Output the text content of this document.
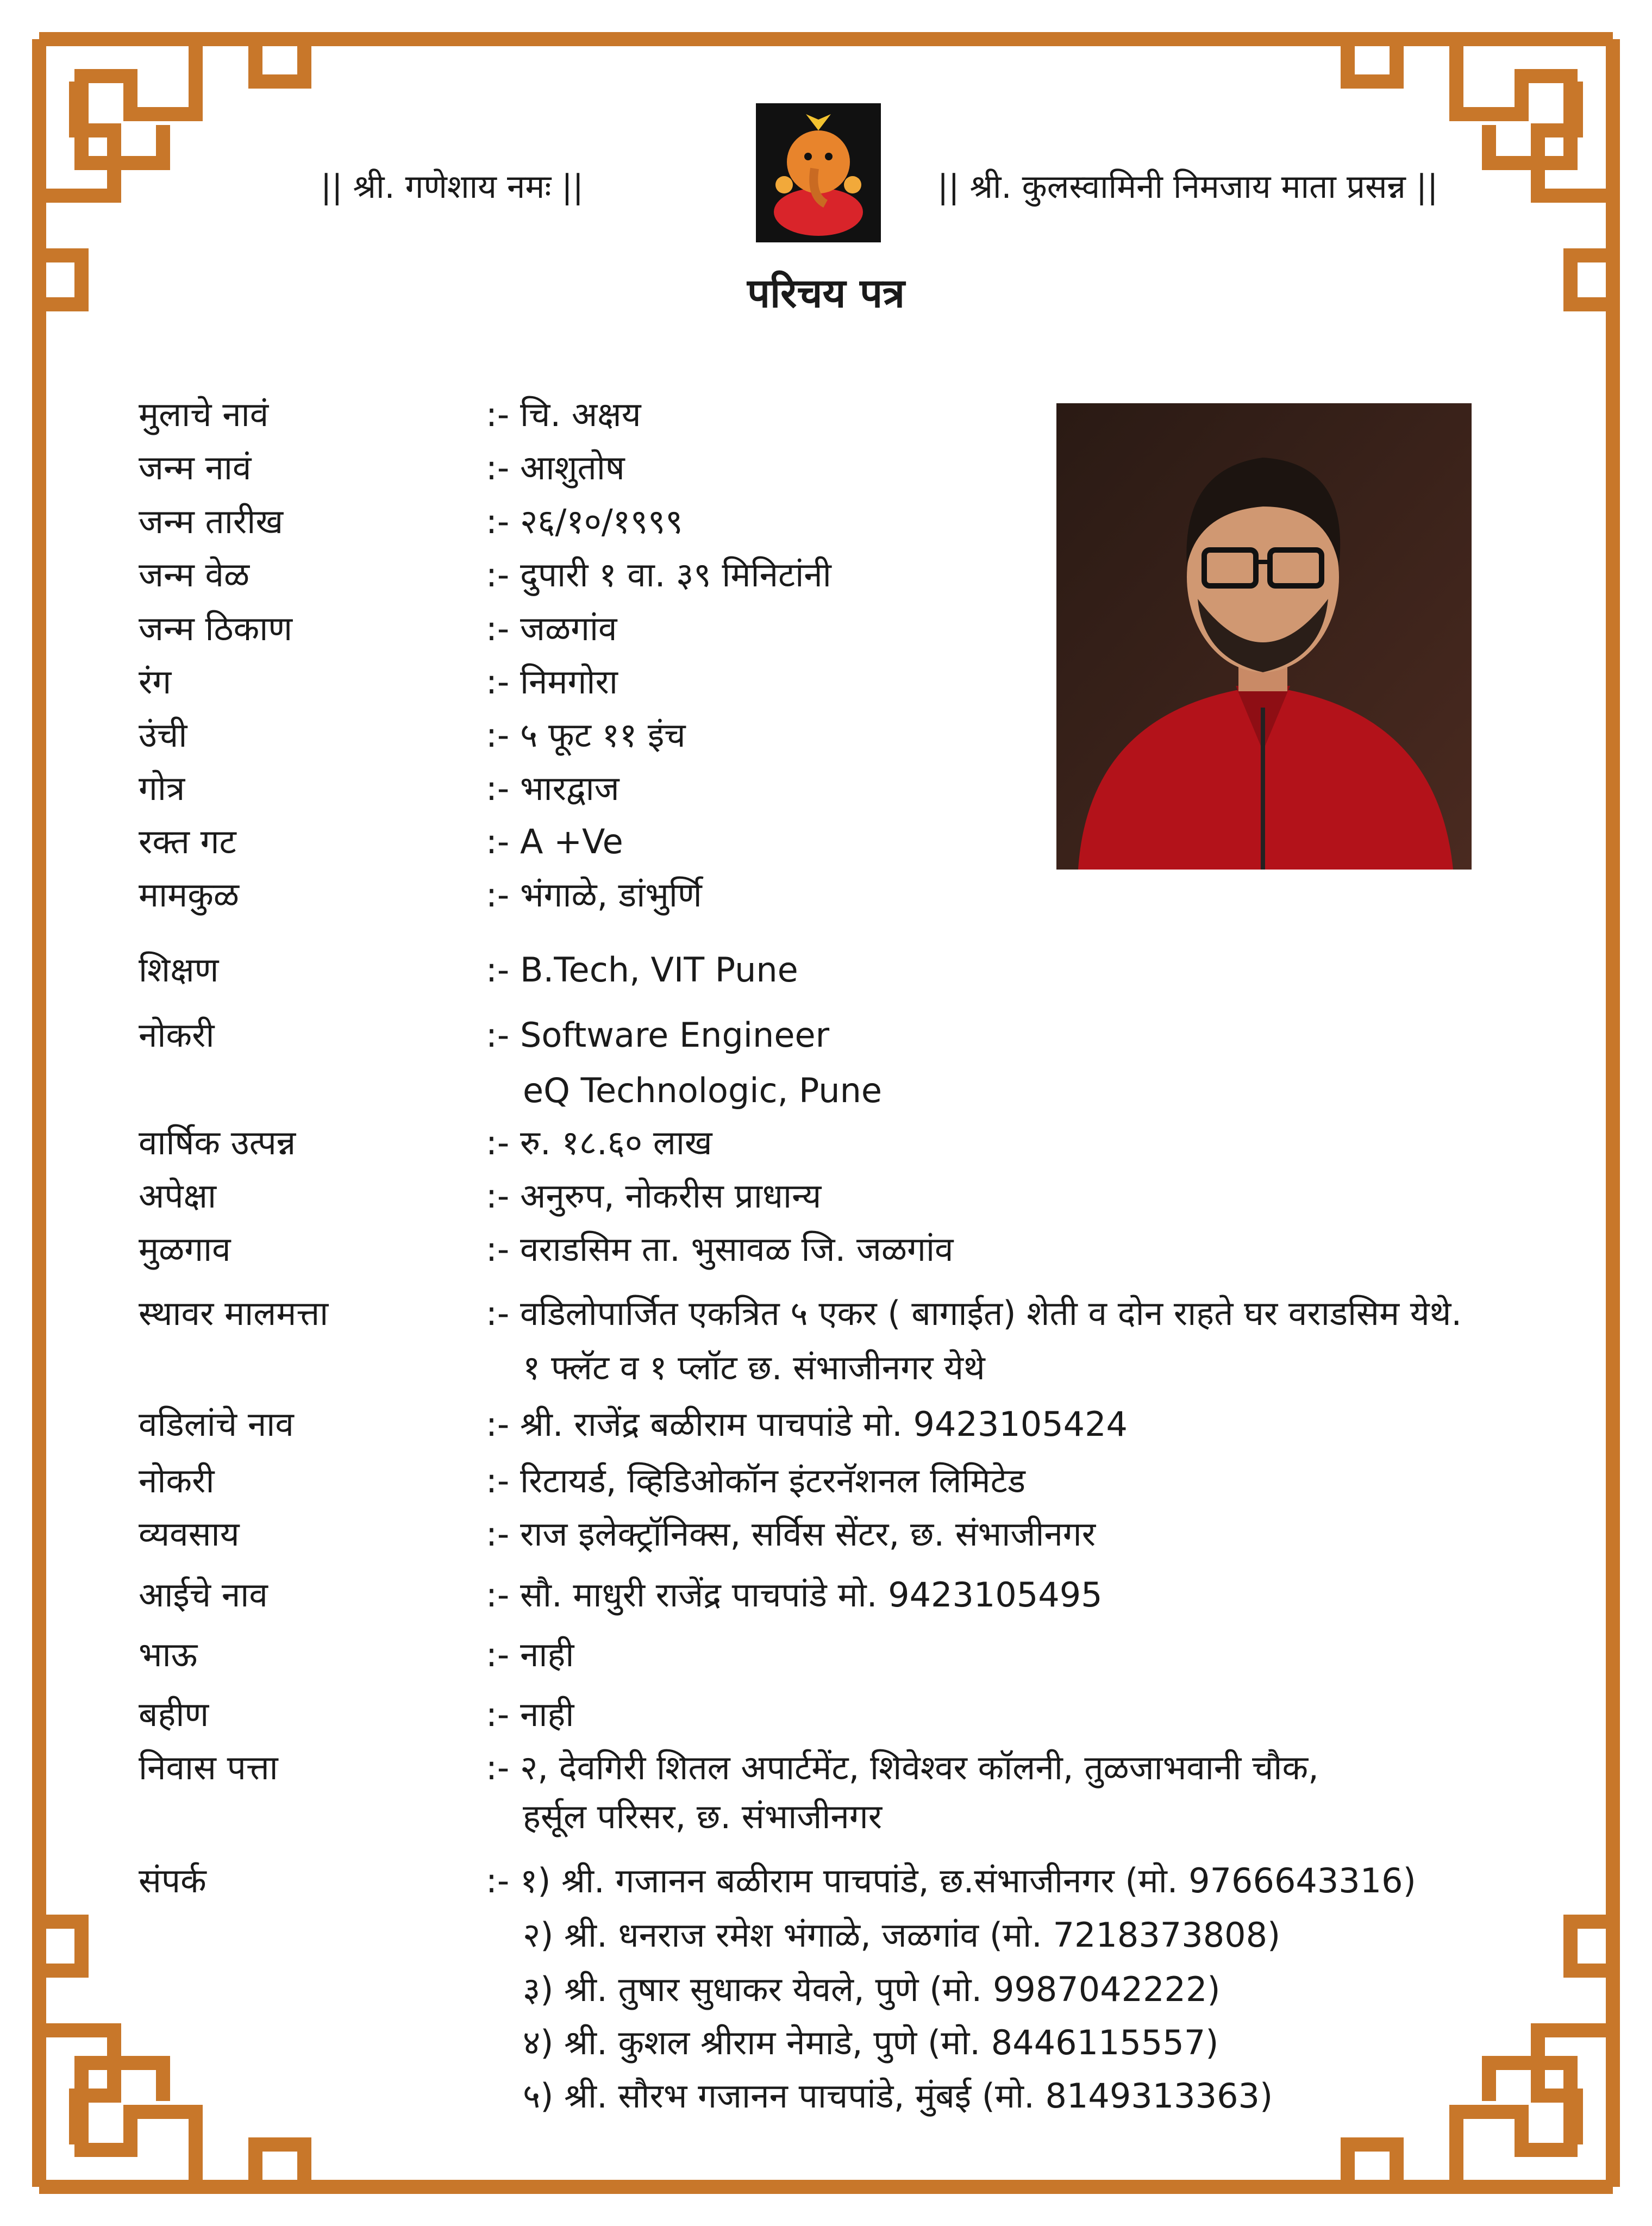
|| श्री. गणेशाय नमः ||	|| श्री. कुलस्वामिनी निमजाय माता प्रसन्न ||
परिचय पत्र
मुलाचे नावं	:- चि. अक्षय
जन्म नावं	:- आशुतोष
जन्म तारीख	:- २६/१०/१९९९
जन्म वेळ	:- दुपारी १ वा. ३९ मिनिटांनी
जन्म ठिकाण	:- जळगांव
रंग	:- निमगोरा
उंची	:- ५ फूट ११ इंच
गोत्र	:- भारद्वाज
रक्त गट	:- A +Ve
मामकुळ	:- भंगाळे, डांभुर्णि
शिक्षण	:- B.Tech, VIT Pune
नोकरी	:- Software Engineer
eQ Technologic, Pune
वार्षिक उत्पन्न	:- रु. १८.६० लाख
अपेक्षा	:- अनुरुप, नोकरीस प्राधान्य
मुळगाव	:- वराडसिम ता. भुसावळ जि. जळगांव
स्थावर मालमत्ता	:- वडिलोपार्जित एकत्रित ५ एकर ( बागाईत) शेती व दोन राहते घर वराडसिम येथे.
१ फ्लॅट व १ प्लॉट छ. संभाजीनगर येथे
वडिलांचे नाव	:- श्री. राजेंद्र बळीराम पाचपांडे मो. 9423105424
नोकरी	:- रिटायर्ड, व्हिडिओकॉन इंटरनॅशनल लिमिटेड
व्यवसाय	:- राज इलेक्ट्रॉनिक्स, सर्विस सेंटर, छ. संभाजीनगर
आईचे नाव	:- सौ. माधुरी राजेंद्र पाचपांडे मो. 9423105495
भाऊ	:- नाही
बहीण	:- नाही
निवास पत्ता	:- २, देवगिरी शितल अपार्टमेंट, शिवेश्वर कॉलनी, तुळजाभवानी चौक,
हर्सूल परिसर, छ. संभाजीनगर
संपर्क	:- १) श्री. गजानन बळीराम पाचपांडे, छ.संभाजीनगर (मो. 9766643316)
२) श्री. धनराज रमेश भंगाळे, जळगांव (मो. 7218373808)
३) श्री. तुषार सुधाकर येवले, पुणे (मो. 9987042222)
४) श्री. कुशल श्रीराम नेमाडे, पुणे (मो. 8446115557)
५) श्री. सौरभ गजानन पाचपांडे, मुंबई (मो. 8149313363)
